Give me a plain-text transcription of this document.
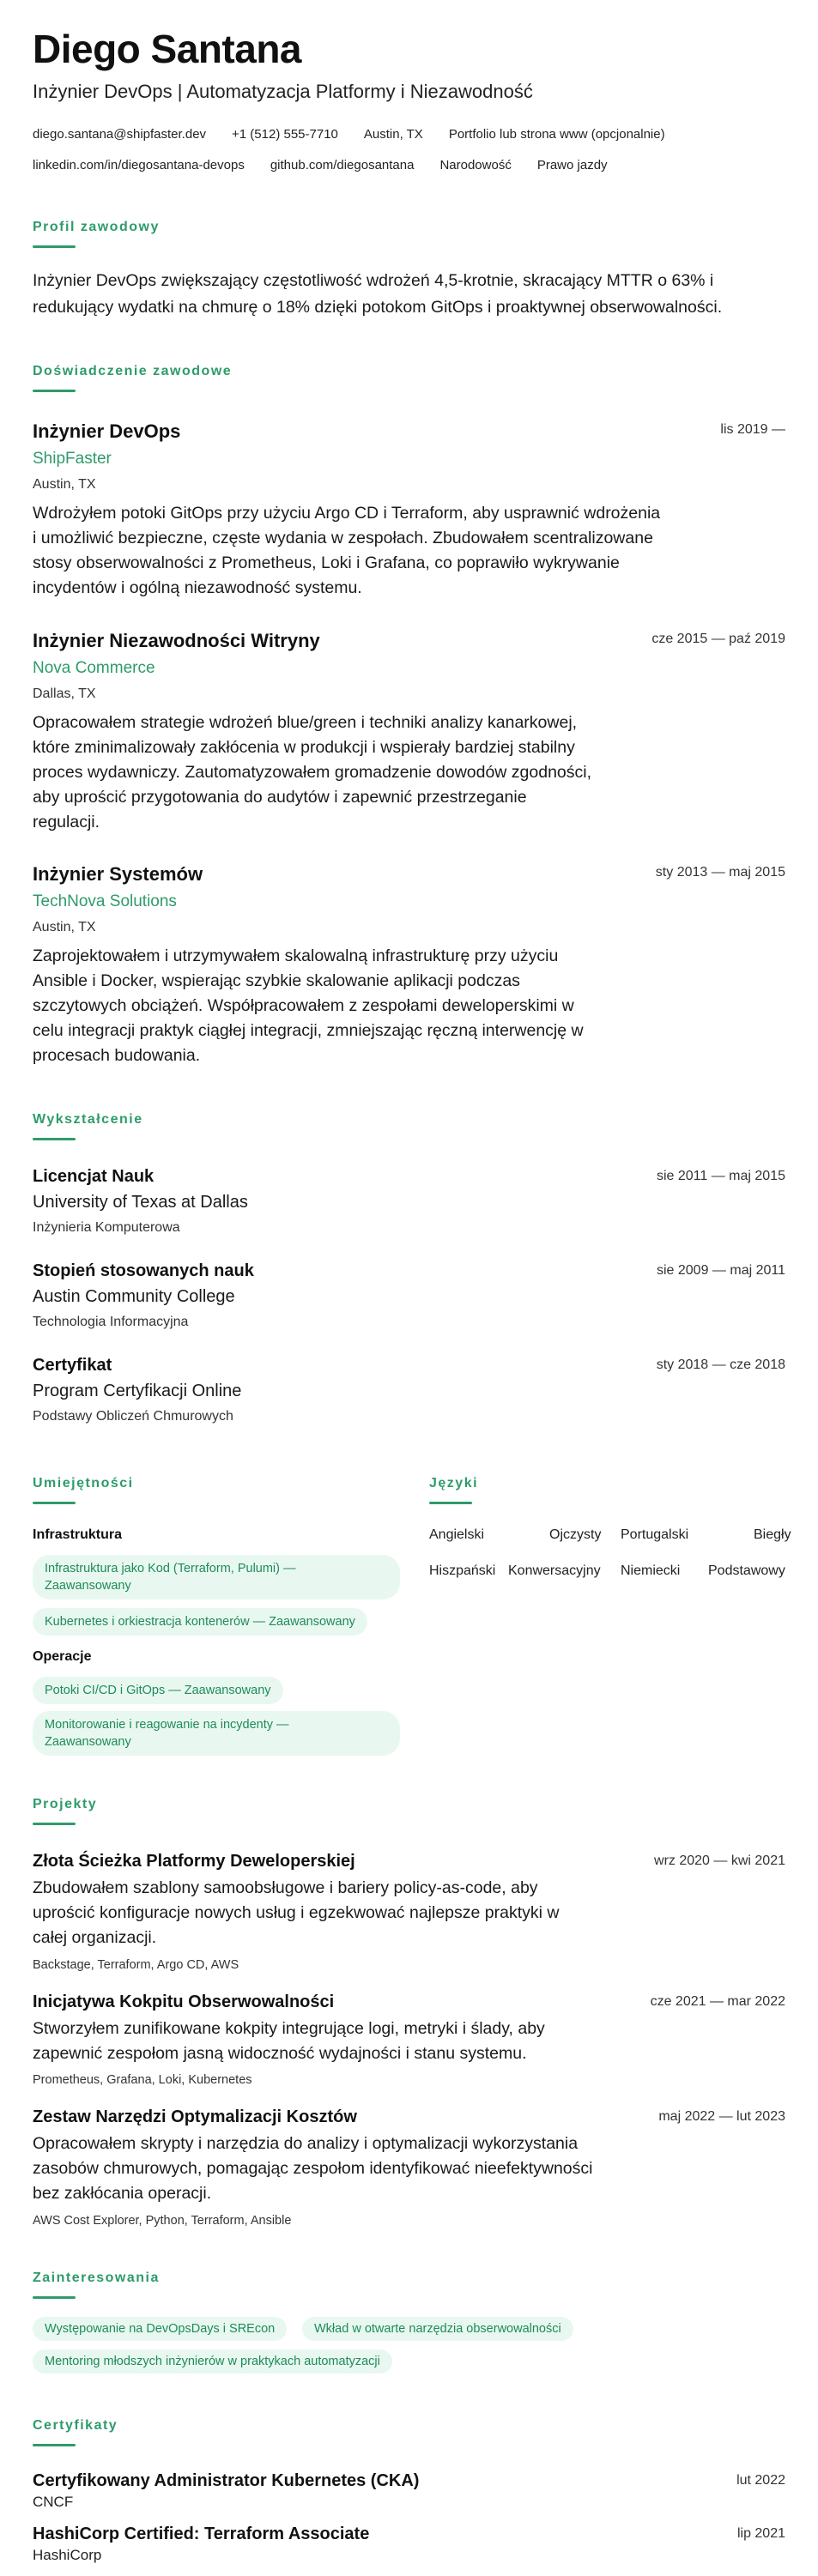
Diego Santana
Inżynier DevOps | Automatyzacja Platformy i Niezawodność
diego.santana@shipfaster.dev +1 (512) 555-7710 Austin, TX Portfolio lub strona www (opcjonalnie)
linkedin.com/in/diegosantana-devops github.com/diegosantana Narodowość Prawo jazdy
Profil zawodowy
Inżynier DevOps zwiększający częstotliwość wdrożeń 4,5-krotnie, skracający MTTR o 63% i redukujący wydatki na chmurę o 18% dzięki potokom GitOps i proaktywnej obserwowalności.
Doświadczenie zawodowe
Inżynier DevOps	lis 2019 —
ShipFaster
Austin, TX
Wdrożyłem potoki GitOps przy użyciu Argo CD i Terraform, aby usprawnić wdrożenia
i umożliwić bezpieczne, częste wydania w zespołach. Zbudowałem scentralizowane
stosy obserwowalności z Prometheus, Loki i Grafana, co poprawiło wykrywanie
incydentów i ogólną niezawodność systemu.
Inżynier Niezawodności Witryny	cze 2015 — paź 2019
Nova Commerce
Dallas, TX
Opracowałem strategie wdrożeń blue/green i techniki analizy kanarkowej,
które zminimalizowały zakłócenia w produkcji i wspierały bardziej stabilny
proces wydawniczy. Zautomatyzowałem gromadzenie dowodów zgodności,
aby uprościć przygotowania do audytów i zapewnić przestrzeganie
regulacji.
Inżynier Systemów	sty 2013 — maj 2015
TechNova Solutions
Austin, TX
Zaprojektowałem i utrzymywałem skalowalną infrastrukturę przy użyciu
Ansible i Docker, wspierając szybkie skalowanie aplikacji podczas
szczytowych obciążeń. Współpracowałem z zespołami deweloperskimi w
celu integracji praktyk ciągłej integracji, zmniejszając ręczną interwencję w
procesach budowania.
Wykształcenie
Licencjat Nauk	sie 2011 — maj 2015
University of Texas at Dallas
Inżynieria Komputerowa
Stopień stosowanych nauk	sie 2009 — maj 2011
Austin Community College
Technologia Informacyjna
Certyfikat	sty 2018 — cze 2018
Program Certyfikacji Online
Podstawy Obliczeń Chmurowych
Umiejętności
Infrastruktura
Infrastruktura jako Kod (Terraform, Pulumi) —
Zaawansowany
Kubernetes i orkiestracja kontenerów — Zaawansowany
Operacje
Potoki CI/CD i GitOps — Zaawansowany
Monitorowanie i reagowanie na incydenty —
Zaawansowany
Języki
Angielski	Ojczysty Portugalski	Biegły
Hiszpański Konwersacyjny Niemiecki Podstawowy
Projekty
Złota Ścieżka Platformy Deweloperskiej	wrz 2020 — kwi 2021
Zbudowałem szablony samoobsługowe i bariery policy-as-code, aby
uprościć konfiguracje nowych usług i egzekwować najlepsze praktyki w
całej organizacji.
Backstage, Terraform, Argo CD, AWS
Inicjatywa Kokpitu Obserwowalności	cze 2021 — mar 2022
Stworzyłem zunifikowane kokpity integrujące logi, metryki i ślady, aby
zapewnić zespołom jasną widoczność wydajności i stanu systemu.
Prometheus, Grafana, Loki, Kubernetes
Zestaw Narzędzi Optymalizacji Kosztów	maj 2022 — lut 2023
Opracowałem skrypty i narzędzia do analizy i optymalizacji wykorzystania
zasobów chmurowych, pomagając zespołom identyfikować nieefektywności
bez zakłócania operacji.
AWS Cost Explorer, Python, Terraform, Ansible
Zainteresowania
Występowanie na DevOpsDays i SREcon	Wkład w otwarte narzędzia obserwowalności
Mentoring młodszych inżynierów w praktykach automatyzacji
Certyfikaty
Certyfikowany Administrator Kubernetes (CKA)	lut 2022
CNCF
HashiCorp Certified: Terraform Associate	lip 2021
HashiCorp
